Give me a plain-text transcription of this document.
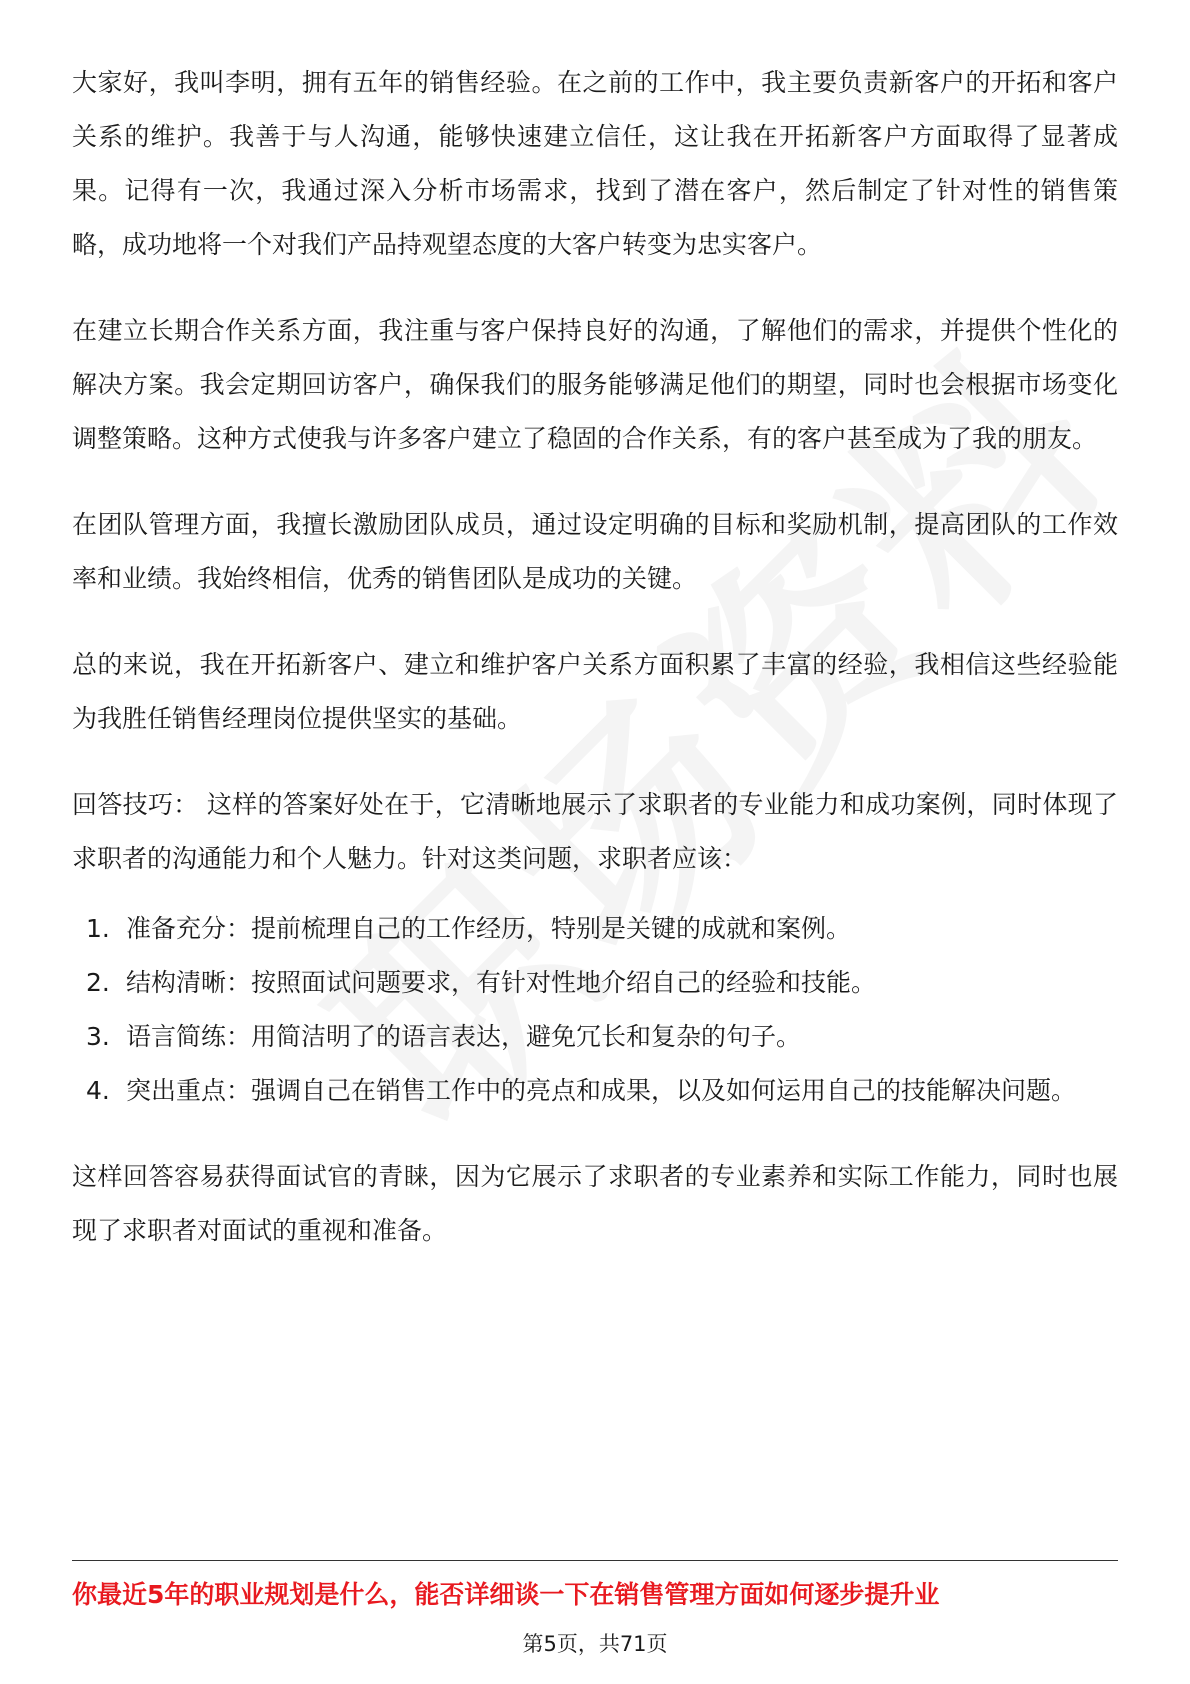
大家好，我叫李明，拥有五年的销售经验。在之前的工作中，我主要负责新客户的开拓和客户关系的维护。我善于与人沟通，能够快速建立信任，这让我在开拓新客户方面取得了显著成果。记得有一次，我通过深入分析市场需求，找到了潜在客户，然后制定了针对性的销售策略，成功地将一个对我们产品持观望态度的大客户转变为忠实客户。

在建立长期合作关系方面，我注重与客户保持良好的沟通，了解他们的需求，并提供个性化的解决方案。我会定期回访客户，确保我们的服务能够满足他们的期望，同时也会根据市场变化调整策略。这种方式使我与许多客户建立了稳固的合作关系，有的客户甚至成为了我的朋友。

在团队管理方面，我擅长激励团队成员，通过设定明确的目标和奖励机制，提高团队的工作效率和业绩。我始终相信，优秀的销售团队是成功的关键。

总的来说，我在开拓新客户、建立和维护客户关系方面积累了丰富的经验，我相信这些经验能为我胜任销售经理岗位提供坚实的基础。

回答技巧： 这样的答案好处在于，它清晰地展示了求职者的专业能力和成功案例，同时体现了求职者的沟通能力和个人魅力。针对这类问题，求职者应该：

1. 准备充分：提前梳理自己的工作经历，特别是关键的成就和案例。
2. 结构清晰：按照面试问题要求，有针对性地介绍自己的经验和技能。
3. 语言简练：用简洁明了的语言表达，避免冗长和复杂的句子。
4. 突出重点：强调自己在销售工作中的亮点和成果，以及如何运用自己的技能解决问题。

这样回答容易获得面试官的青睐，因为它展示了求职者的专业素养和实际工作能力，同时也展现了求职者对面试的重视和准备。

你最近5年的职业规划是什么，能否详细谈一下在销售管理方面如何逐步提升业
第5页，共71页
